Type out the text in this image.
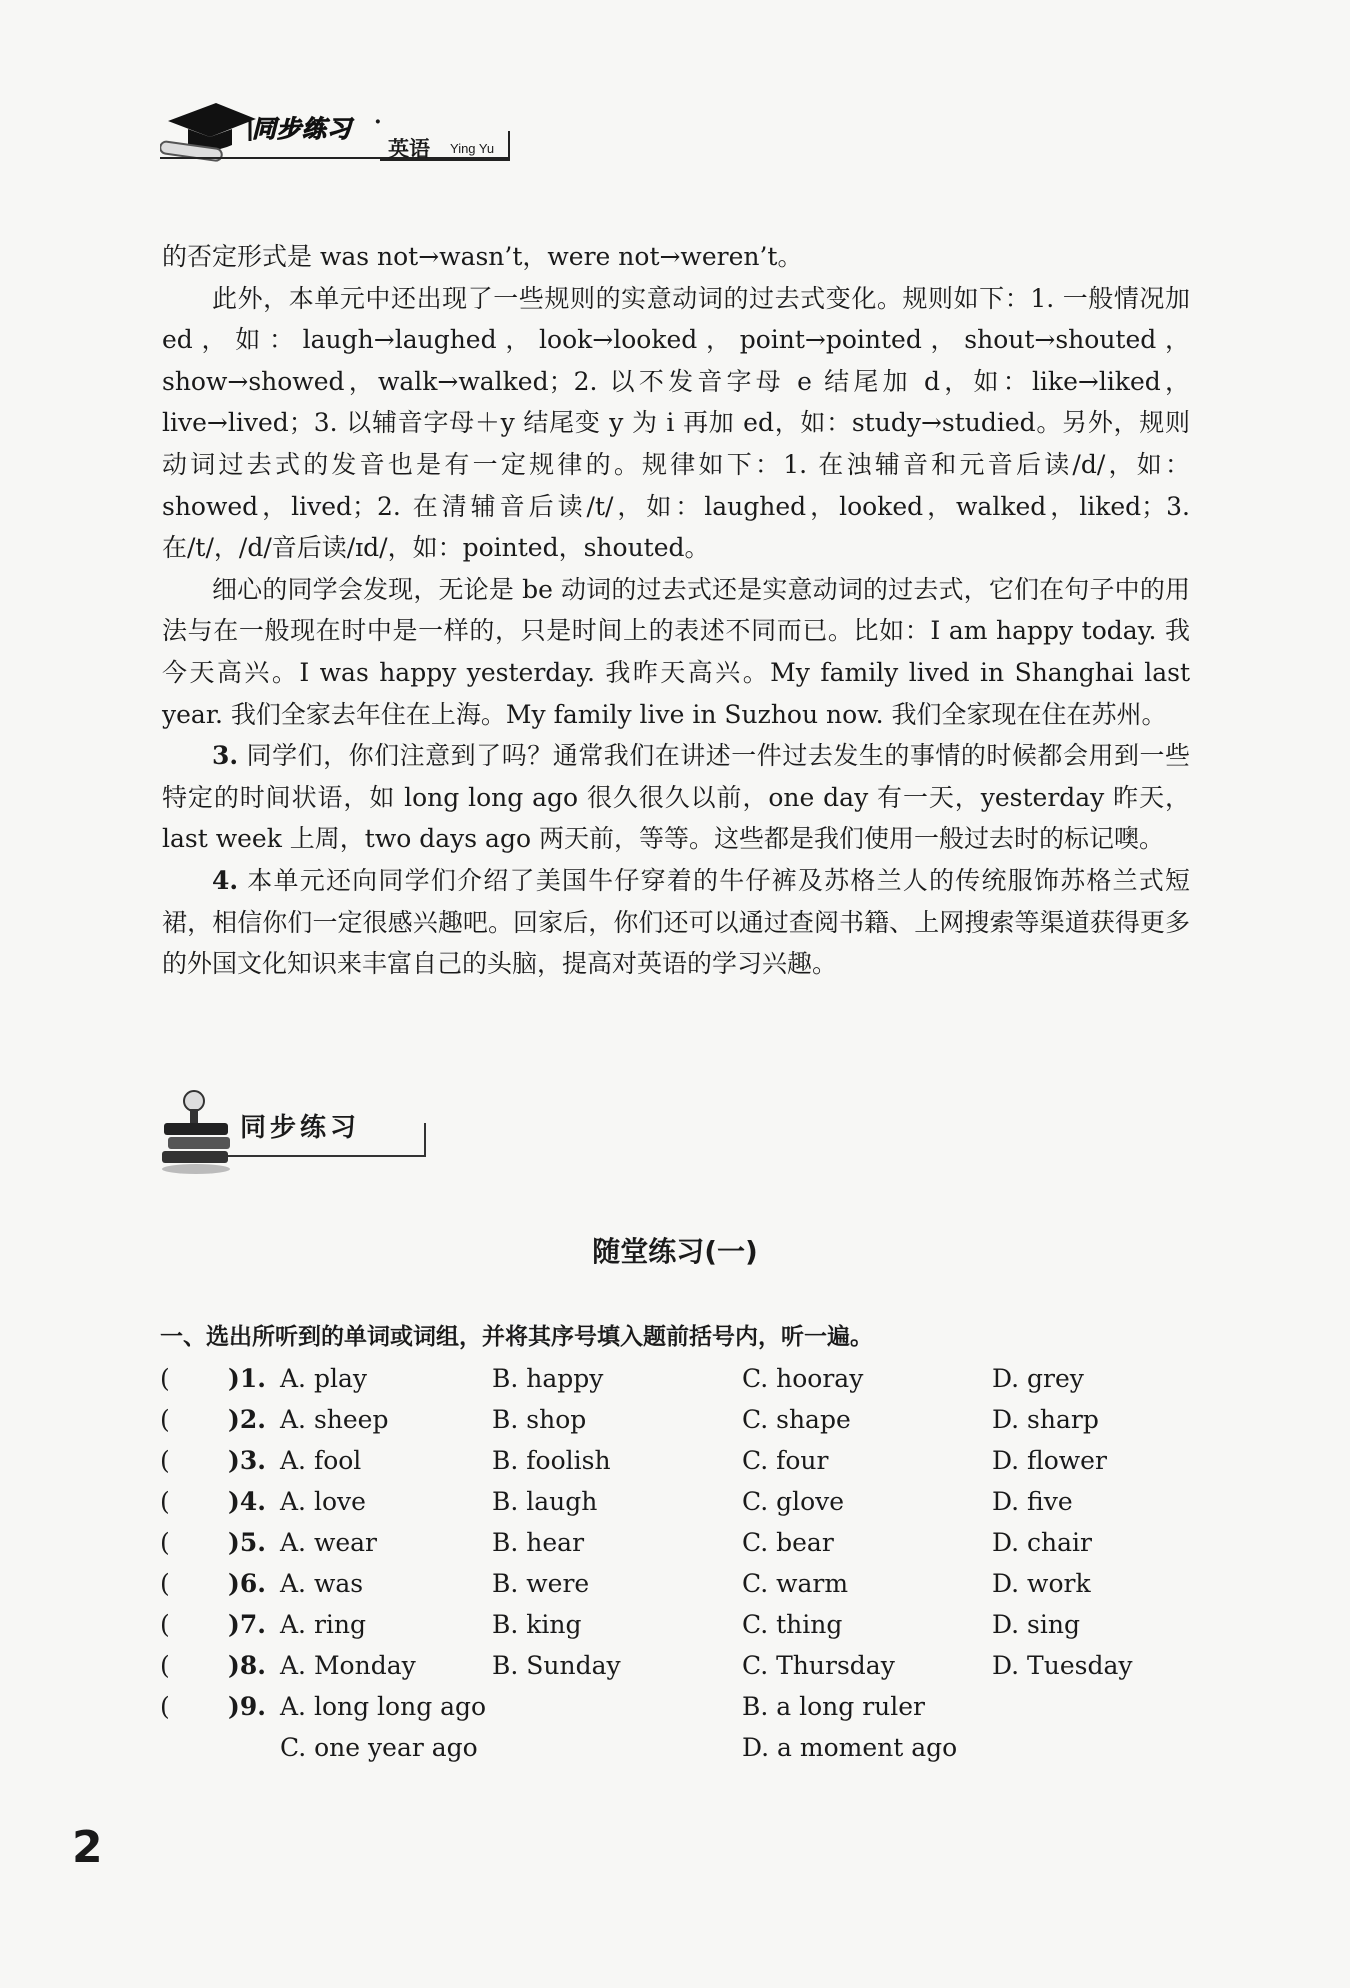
同步练习 ·
英语 Ying Yu

的否定形式是 was not→wasn’t，were not→weren’t。

此外，本单元中还出现了一些规则的实意动词的过去式变化。规则如下：1. 一般情况加 ed，如：laugh→laughed，look→looked，point→pointed，shout→shouted，show→showed，walk→walked；2. 以不发音字母 e 结尾加 d，如：like→liked，live→lived；3. 以辅音字母＋y 结尾变 y 为 i 再加 ed，如：study→studied。另外，规则动词过去式的发音也是有一定规律的。规律如下：1. 在浊辅音和元音后读/d/，如：showed，lived；2. 在清辅音后读/t/，如：laughed，looked，walked，liked；3. 在/t/，/d/音后读/ɪd/，如：pointed，shouted。

细心的同学会发现，无论是 be 动词的过去式还是实意动词的过去式，它们在句子中的用法与在一般现在时中是一样的，只是时间上的表述不同而已。比如：I am happy today. 我今天高兴。I was happy yesterday. 我昨天高兴。My family lived in Shanghai last year. 我们全家去年住在上海。My family live in Suzhou now. 我们全家现在住在苏州。

3. 同学们，你们注意到了吗？通常我们在讲述一件过去发生的事情的时候都会用到一些特定的时间状语，如 long long ago 很久很久以前，one day 有一天，yesterday 昨天，last week 上周，two days ago 两天前，等等。这些都是我们使用一般过去时的标记噢。

4. 本单元还向同学们介绍了美国牛仔穿着的牛仔裤及苏格兰人的传统服饰苏格兰式短裙，相信你们一定很感兴趣吧。回家后，你们还可以通过查阅书籍、上网搜索等渠道获得更多的外国文化知识来丰富自己的头脑，提高对英语的学习兴趣。

同步练习
随堂练习(一)
一、选出所听到的单词或词组，并将其序号填入题前括号内，听一遍。
( )1. A. play	B. happy	C. hooray	D. grey
( )2. A. sheep	B. shop	C. shape	D. sharp
( )3. A. fool	B. foolish	C. four	D. flower
( )4. A. love	B. laugh	C. glove	D. five
( )5. A. wear	B. hear	C. bear	D. chair
( )6. A. was	B. were	C. warm	D. work
( )7. A. ring	B. king	C. thing	D. sing
( )8. A. Monday	B. Sunday	C. Thursday	D. Tuesday
( )9. A. long long ago	B. a long ruler
C. one year ago	D. a moment ago
2
